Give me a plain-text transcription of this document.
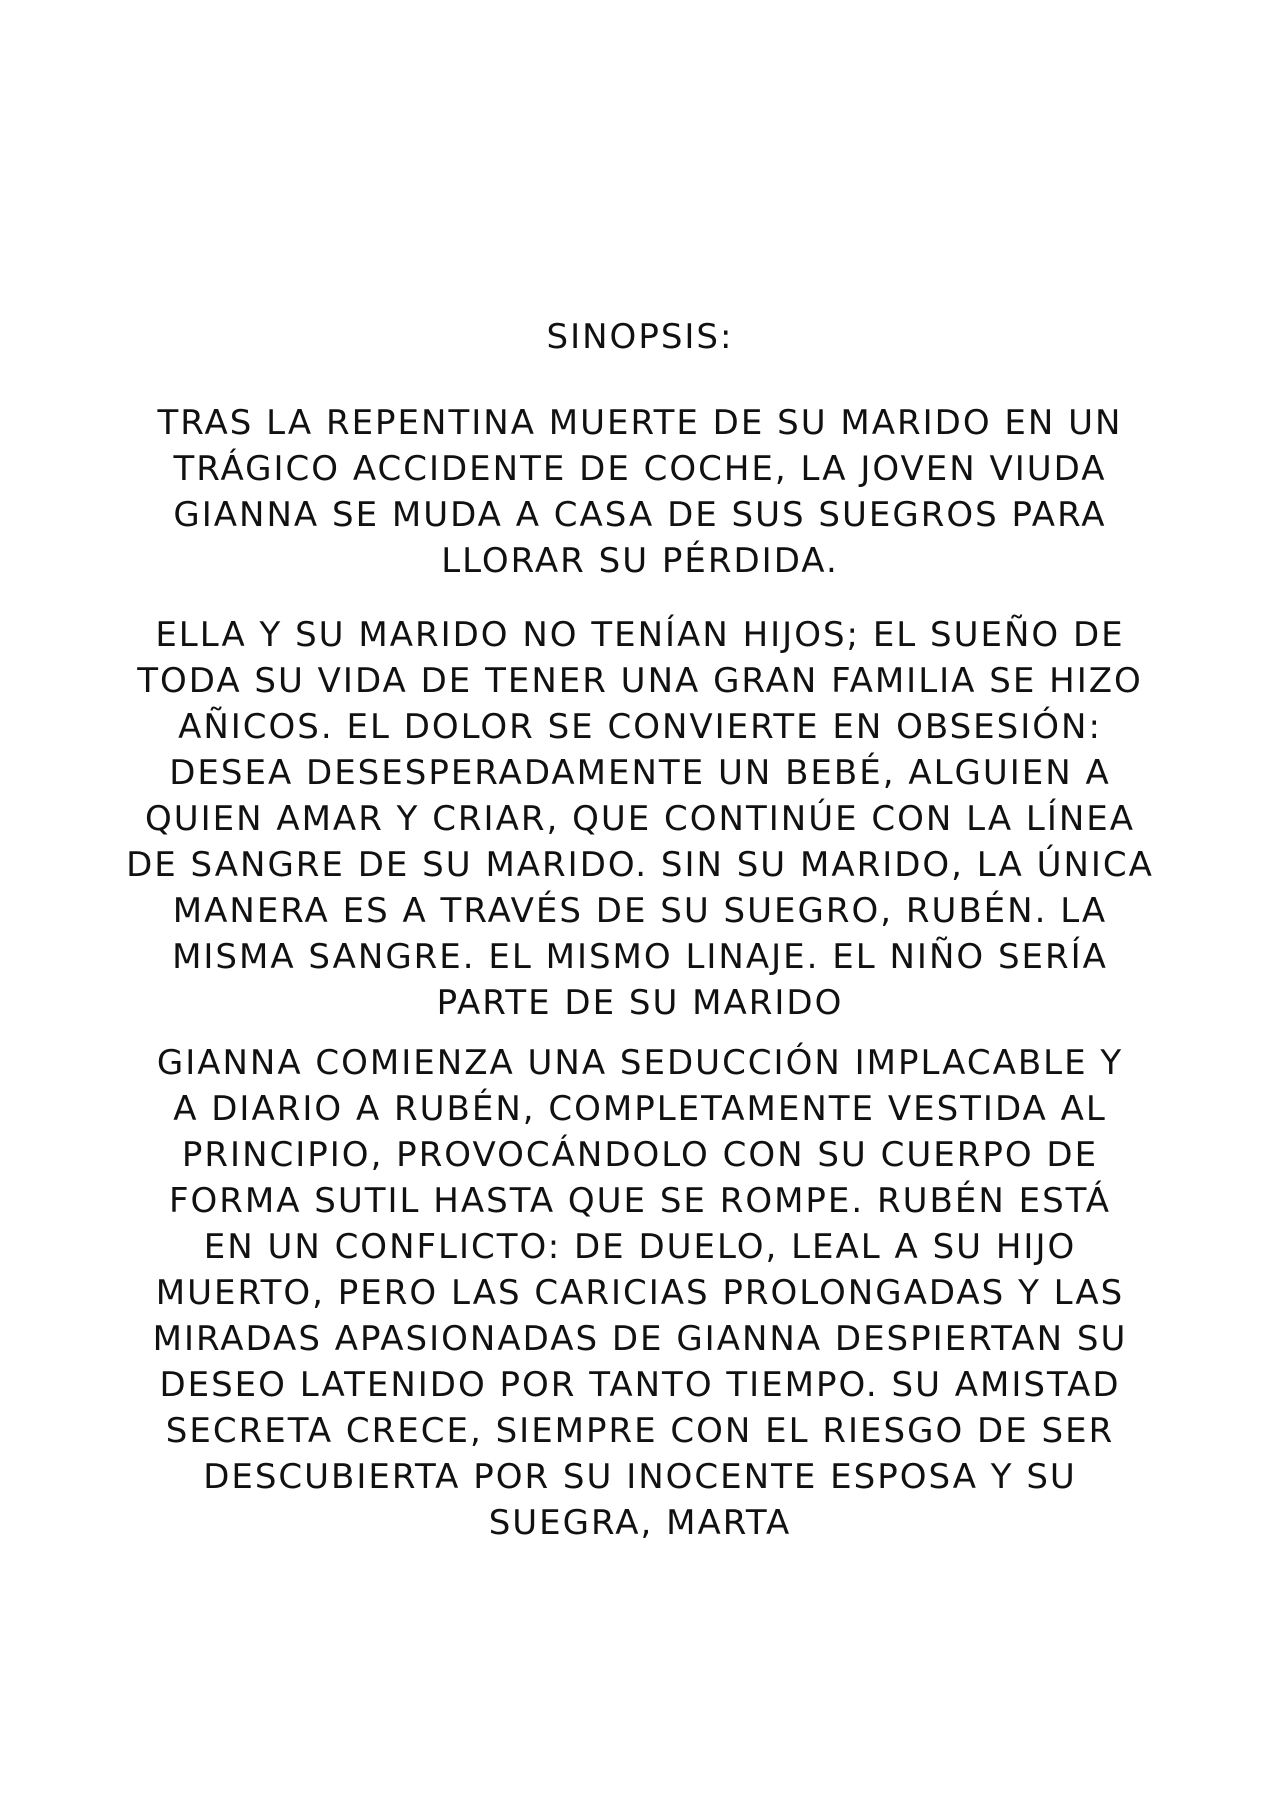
SINOPSIS:
TRAS LA REPENTINA MUERTE DE SU MARIDO EN UN
TRÁGICO ACCIDENTE DE COCHE, LA JOVEN VIUDA
GIANNA SE MUDA A CASA DE SUS SUEGROS PARA
LLORAR SU PÉRDIDA.
ELLA Y SU MARIDO NO TENÍAN HIJOS; EL SUEÑO DE
TODA SU VIDA DE TENER UNA GRAN FAMILIA SE HIZO
AÑICOS. EL DOLOR SE CONVIERTE EN OBSESIÓN:
DESEA DESESPERADAMENTE UN BEBÉ, ALGUIEN A
QUIEN AMAR Y CRIAR, QUE CONTINÚE CON LA LÍNEA
DE SANGRE DE SU MARIDO. SIN SU MARIDO, LA ÚNICA
MANERA ES A TRAVÉS DE SU SUEGRO, RUBÉN. LA
MISMA SANGRE. EL MISMO LINAJE. EL NIÑO SERÍA
PARTE DE SU MARIDO
GIANNA COMIENZA UNA SEDUCCIÓN IMPLACABLE Y
A DIARIO A RUBÉN, COMPLETAMENTE VESTIDA AL
PRINCIPIO, PROVOCÁNDOLO CON SU CUERPO DE
FORMA SUTIL HASTA QUE SE ROMPE. RUBÉN ESTÁ
EN UN CONFLICTO: DE DUELO, LEAL A SU HIJO
MUERTO, PERO LAS CARICIAS PROLONGADAS Y LAS
MIRADAS APASIONADAS DE GIANNA DESPIERTAN SU
DESEO LATENIDO POR TANTO TIEMPO. SU AMISTAD
SECRETA CRECE, SIEMPRE CON EL RIESGO DE SER
DESCUBIERTA POR SU INOCENTE ESPOSA Y SU
SUEGRA, MARTA
